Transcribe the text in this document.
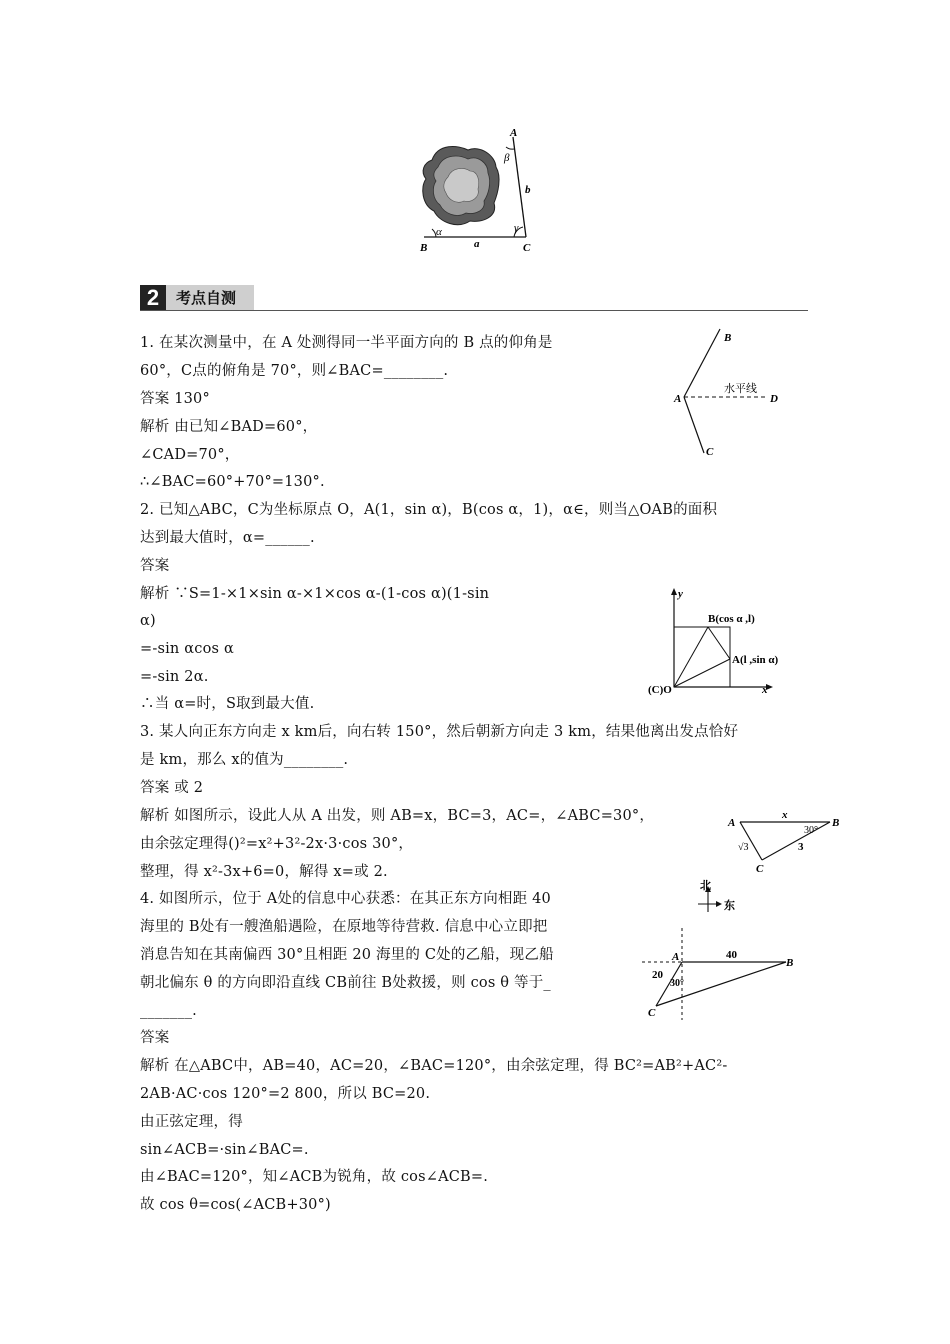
A
β
b
γ
α
B	a	C
2	考点自测
1. 在某次测量中，在 A 处测得同一半平面方向的 B 点的仰角是
60°，C点的俯角是 70°，则∠BAC=________.
答案 130°
解析 由已知∠BAD=60°，
∠CAD=70°，
∴∠BAC=60°+70°=130°.
B
A
水平线
D
C
2. 已知△ABC，C为坐标原点 O，A(1，sin α)，B(cos α，1)，α∈，则当△OAB的面积
达到最大值时，α=______.
答案
解析 ∵S=1-×1×sin α-×1×cos α-(1-cos α)(1-sin
α)
=-sin αcos α
=-sin 2α.
∴当 α=时，S取到最大值.
y
B(cos α ,l)
A(l ,sin α)
(C)O	x
3. 某人向正东方向走 x km后，向右转 150°，然后朝新方向走 3 km，结果他离出发点恰好
是 km，那么 x的值为________.
答案 或 2
解析 如图所示，设此人从 A 出发，则 AB=x，BC=3，AC=，∠ABC=30°，
由余弦定理得()²=x²+3²-2x·3·cos 30°，
整理，得 x²-3x+6=0，解得 x=或 2.
A
x
30°
B
√3	3
C
4. 如图所示，位于 A处的信息中心获悉：在其正东方向相距 40
海里的 B处有一艘渔船遇险，在原地等待营救. 信息中心立即把
消息告知在其南偏西 30°且相距 20 海里的 C处的乙船，现乙船
朝北偏东 θ 的方向即沿直线 CB前往 B处救援，则 cos θ 等于_
_______.
答案
解析 在△ABC中，AB=40，AC=20，∠BAC=120°，由余弦定理，得 BC²=AB²+AC²-
2AB·AC·cos 120°=2 800，所以 BC=20.
由正弦定理，得
sin∠ACB=·sin∠BAC=.
由∠BAC=120°，知∠ACB为锐角，故 cos∠ACB=.
故 cos θ=cos(∠ACB+30°)
北
东
A	40
B
20
30°
C
